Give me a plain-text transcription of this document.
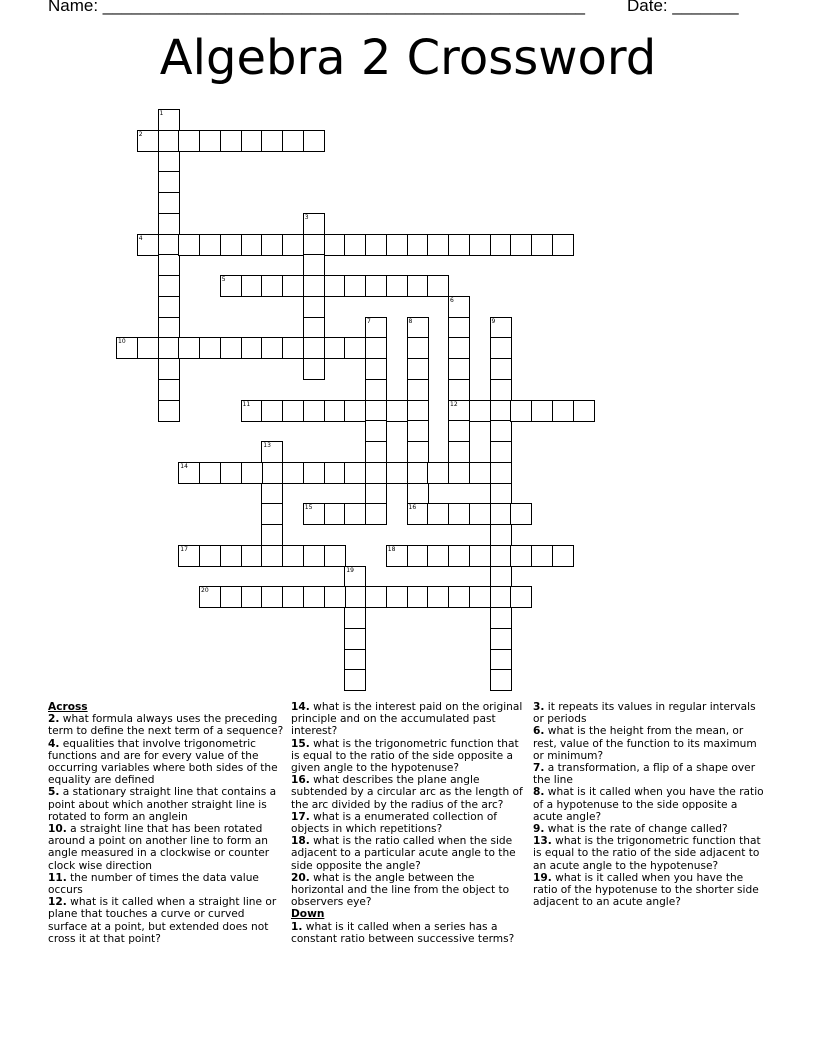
Name: ___________________________________________________ Date: _______
Algebra 2 Crossword
1
2
3
4
5
6
12
7	8	9
10
11
13
14
15	16
17	18
19
20

Across

2. what formula always uses the preceding term to define the next term of a sequence?

4. equalities that involve trigonometric functions and are for every value of the occurring variables where both sides of the equality are defined

5. a stationary straight line that contains a point about which another straight line is rotated to form an anglein

10. a straight line that has been rotated around a point on another line to form an angle measured in a clockwise or counter clock wise direction

11. the number of times the data value occurs

12. what is it called when a straight line or plane that touches a curve or curved surface at a point, but extended does not cross it at that point?

14. what is the interest paid on the original principle and on the accumulated past interest?

15. what is the trigonometric function that is equal to the ratio of the side opposite a given angle to the hypotenuse?

16. what describes the plane angle subtended by a circular arc as the length of the arc divided by the radius of the arc?

17. what is a enumerated collection of objects in which repetitions?

18. what is the ratio called when the side adjacent to a particular acute angle to the side opposite the angle?

20. what is the angle between the horizontal and the line from the object to observers eye?

Down

1. what is it called when a series has a constant ratio between successive terms?

3. it repeats its values in regular intervals or periods

6. what is the height from the mean, or rest, value of the function to its maximum or minimum?

7. a transformation, a flip of a shape over the line

8. what is it called when you have the ratio of a hypotenuse to the side opposite a acute angle?

9. what is the rate of change called?

13. what is the trigonometric function that is equal to the ratio of the side adjacent to an acute angle to the hypotenuse?

19. what is it called when you have the ratio of the hypotenuse to the shorter side adjacent to an acute angle?
